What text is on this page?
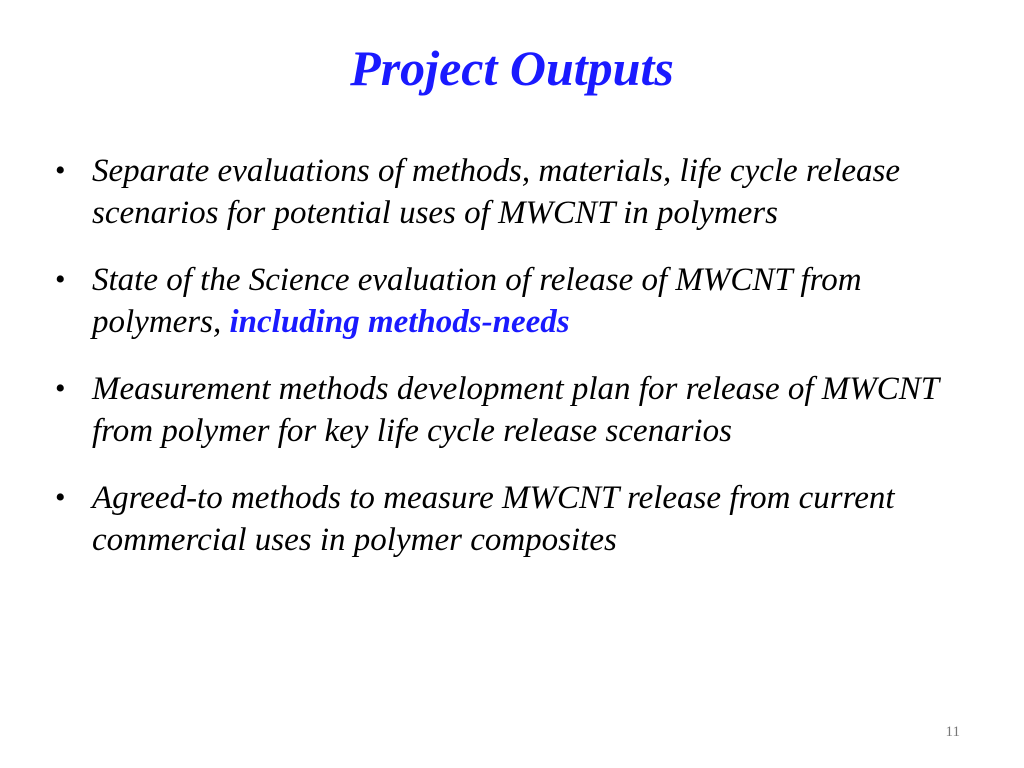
Project Outputs
• Separate evaluations of methods, materials, life cycle release scenarios for potential uses of MWCNT in polymers
• State of the Science evaluation of release of MWCNT from polymers, including methods-needs
• Measurement methods development plan for release of MWCNT from polymer for key life cycle release scenarios
• Agreed-to methods to measure MWCNT release from current commercial uses in polymer composites
11
